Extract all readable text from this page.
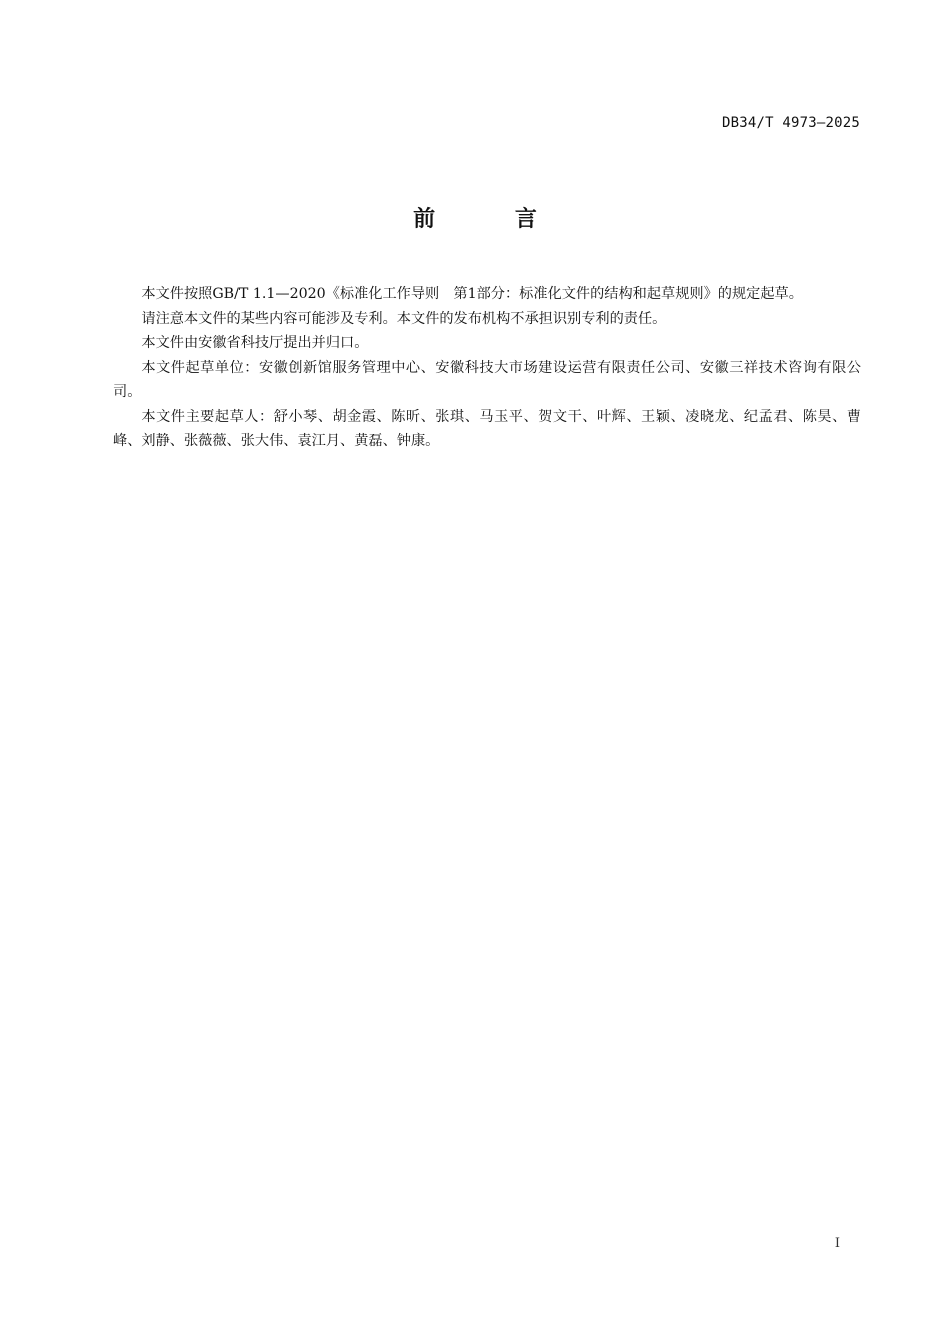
DB34/T 4973—2025
前 言

本文件按照GB/T 1.1—2020《标准化工作导则　第1部分：标准化文件的结构和起草规则》的规定起草。

请注意本文件的某些内容可能涉及专利。本文件的发布机构不承担识别专利的责任。

本文件由安徽省科技厅提出并归口。

本文件起草单位：安徽创新馆服务管理中心、安徽科技大市场建设运营有限责任公司、安徽三祥技术咨询有限公司。

本文件主要起草人：舒小琴、胡金霞、陈昕、张琪、马玉平、贺文干、叶辉、王颖、凌晓龙、纪孟君、陈昊、曹峰、刘静、张薇薇、张大伟、袁江月、黄磊、钟康。

I
